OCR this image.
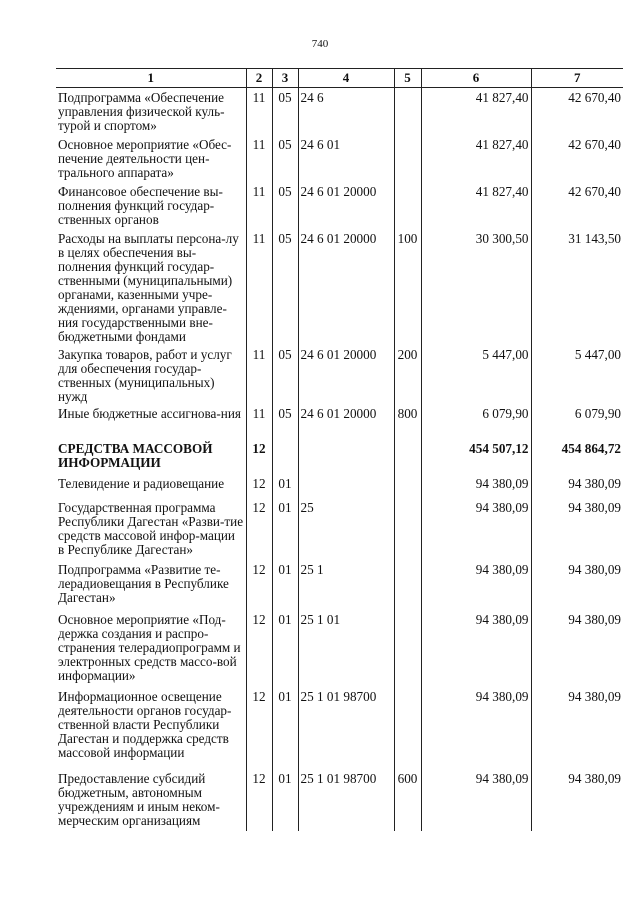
740
1	2	3	4	5	6	7
Подпрограмма «Обеспечение управления физической куль-турой и спортом»	11	05	24 6		41 827,40	42 670,40
Основное мероприятие «Обес-печение деятельности цен-трального аппарата»	11	05	24 6 01		41 827,40	42 670,40
Финансовое обеспечение вы-полнения функций государ-ственных органов	11	05	24 6 01 20000		41 827,40	42 670,40
Расходы на выплаты персона-лу в целях обеспечения вы-полнения функций государ-ственными (муниципальными) органами, казенными учре-ждениями, органами управле-ния государственными вне-бюджетными фондами	11	05	24 6 01 20000	100	30 300,50	31 143,50
Закупка товаров, работ и услуг для обеспечения государ-ственных (муниципальных) нужд	11	05	24 6 01 20000	200	5 447,00	5 447,00
Иные бюджетные ассигнова-ния	11	05	24 6 01 20000	800	6 079,90	6 079,90
СРЕДСТВА МАССОВОЙ ИНФОРМАЦИИ	12				454 507,12	454 864,72
Телевидение и радиовещание	12	01			94 380,09	94 380,09
Государственная программа Республики Дагестан «Разви-тие средств массовой инфор-мации в Республике Дагестан»	12	01	25		94 380,09	94 380,09
Подпрограмма «Развитие те-лерадиовещания в Республике Дагестан»	12	01	25 1		94 380,09	94 380,09
Основное мероприятие «Под-держка создания и распро-странения телерадиопрограмм и электронных средств массо-вой информации»	12	01	25 1 01		94 380,09	94 380,09
Информационное освещение деятельности органов государ-ственной власти Республики Дагестан и поддержка средств массовой информации	12	01	25 1 01 98700		94 380,09	94 380,09
Предоставление субсидий бюджетным, автономным учреждениям и иным неком-мерческим организациям	12	01	25 1 01 98700	600	94 380,09	94 380,09
